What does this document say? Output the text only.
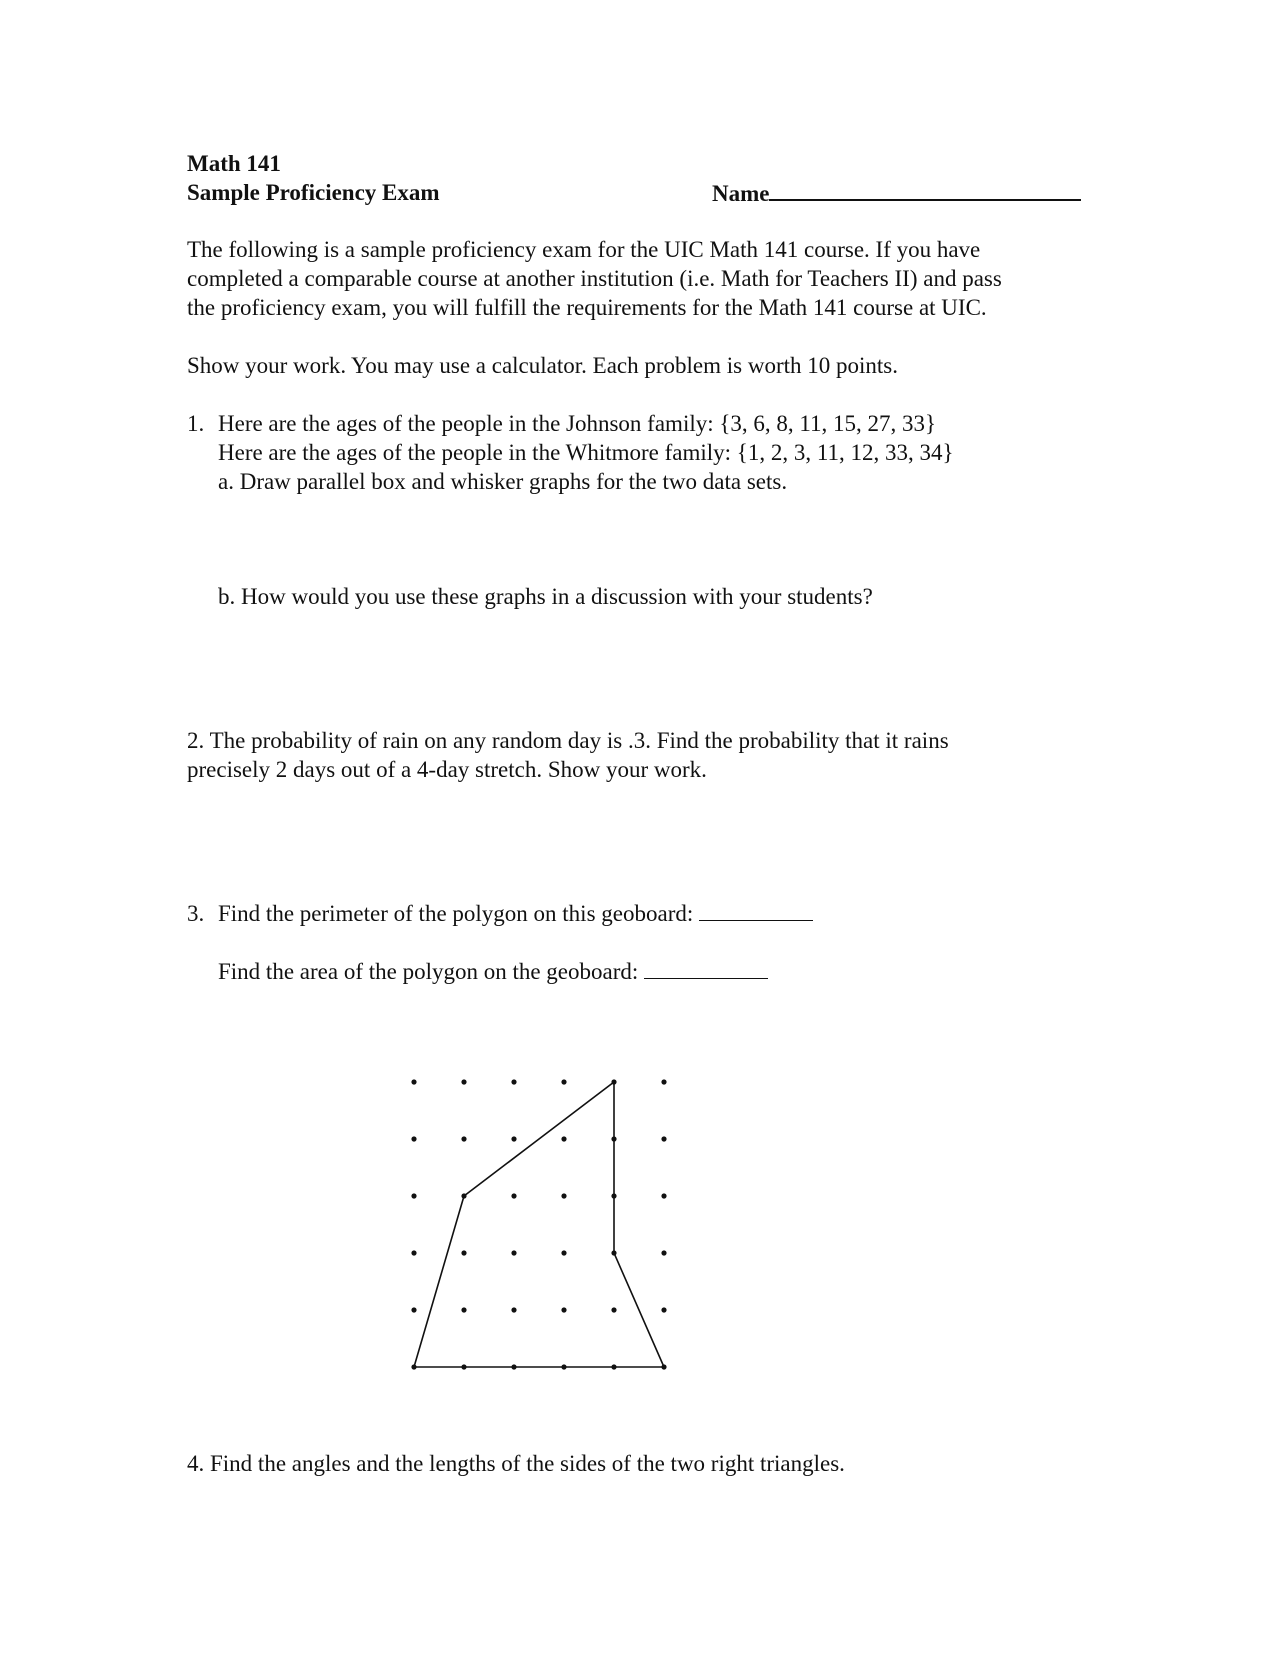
Math 141
Sample Proficiency Exam	Name
The following is a sample proficiency exam for the UIC Math 141 course. If you have
completed a comparable course at another institution (i.e. Math for Teachers II) and pass
the proficiency exam, you will fulfill the requirements for the Math 141 course at UIC.
Show your work. You may use a calculator. Each problem is worth 10 points.
1. Here are the ages of the people in the Johnson family: {3, 6, 8, 11, 15, 27, 33}
Here are the ages of the people in the Whitmore family: {1, 2, 3, 11, 12, 33, 34}
a. Draw parallel box and whisker graphs for the two data sets.
b. How would you use these graphs in a discussion with your students?
2. The probability of rain on any random day is .3. Find the probability that it rains
precisely 2 days out of a 4-day stretch. Show your work.
3. Find the perimeter of the polygon on this geoboard:
Find the area of the polygon on the geoboard:
4. Find the angles and the lengths of the sides of the two right triangles.
